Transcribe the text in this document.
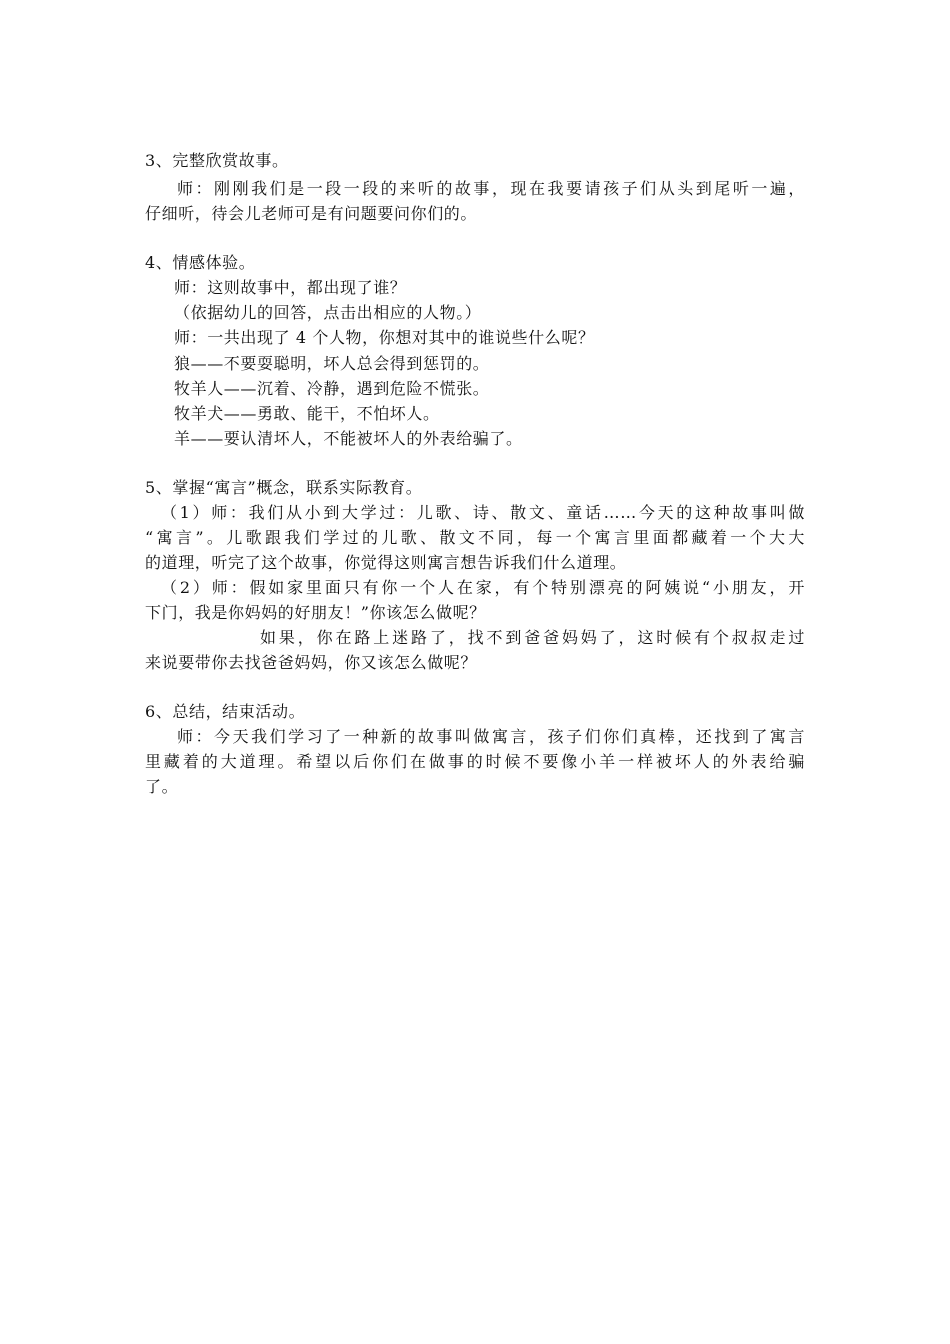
3、完整欣赏故事。
师：刚刚我们是一段一段的来听的故事，现在我要请孩子们从头到尾听一遍，
仔细听，待会儿老师可是有问题要问你们的。
4、情感体验。
师：这则故事中，都出现了谁？
（依据幼儿的回答，点击出相应的人物。）
师：一共出现了 4 个人物，你想对其中的谁说些什么呢？
狼——不要耍聪明，坏人总会得到惩罚的。
牧羊人——沉着、冷静，遇到危险不慌张。
牧羊犬——勇敢、能干，不怕坏人。
羊——要认清坏人，不能被坏人的外表给骗了。
5、掌握“寓言”概念，联系实际教育。
（1）师：我们从小到大学过：儿歌、诗、散文、童话……今天的这种故事叫做
“寓言”。儿歌跟我们学过的儿歌、散文不同，每一个寓言里面都藏着一个大大
的道理，听完了这个故事，你觉得这则寓言想告诉我们什么道理。
（2）师：假如家里面只有你一个人在家，有个特别漂亮的阿姨说“小朋友，开
下门，我是你妈妈的好朋友！”你该怎么做呢？
如果，你在路上迷路了，找不到爸爸妈妈了，这时候有个叔叔走过
来说要带你去找爸爸妈妈，你又该怎么做呢？
6、总结，结束活动。
师：今天我们学习了一种新的故事叫做寓言，孩子们你们真棒，还找到了寓言
里藏着的大道理。希望以后你们在做事的时候不要像小羊一样被坏人的外表给骗
了。
